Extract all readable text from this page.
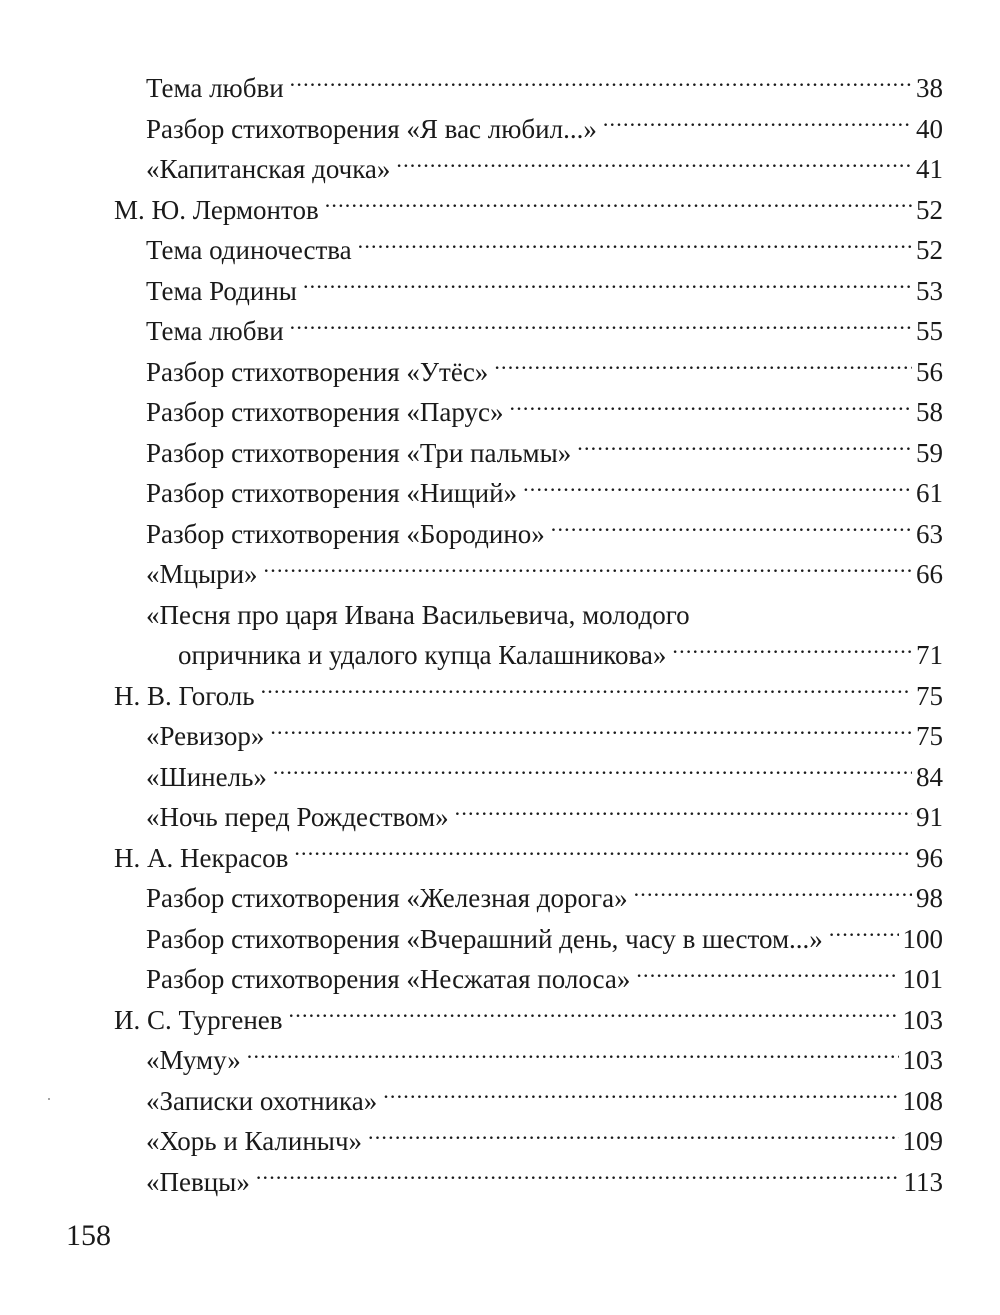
Тема любви .....	38
Разбор стихотворения «Я вас любил...» .....	40
«Капитанская дочка» .....	41
М. Ю. Лермонтов .....	52
Тема одиночества .....	52
Тема Родины .....	53
Тема любви .....	55
Разбор стихотворения «Утёс» .....	56
Разбор стихотворения «Парус» .....	58
Разбор стихотворения «Три пальмы» .....	59
Разбор стихотворения «Нищий» .....	61
Разбор стихотворения «Бородино» .....	63
«Мцыри» .....	66
«Песня про царя Ивана Васильевича, молодого
опричника и удалого купца Калашникова» .....	71
Н. В. Гоголь .....	75
«Ревизор» .....	75
«Шинель» .....	84
«Ночь перед Рождеством» .....	91
Н. А. Некрасов .....	96
Разбор стихотворения «Железная дорога» .....	98
Разбор стихотворения «Вчерашний день, часу в шестом...» .....	100
Разбор стихотворения «Несжатая полоса» .....	101
И. С. Тургенев .....	103
«Муму» .....	103
«Записки охотника» .....	108
«Хорь и Калиныч» .....	109
«Певцы» .....	113
158
